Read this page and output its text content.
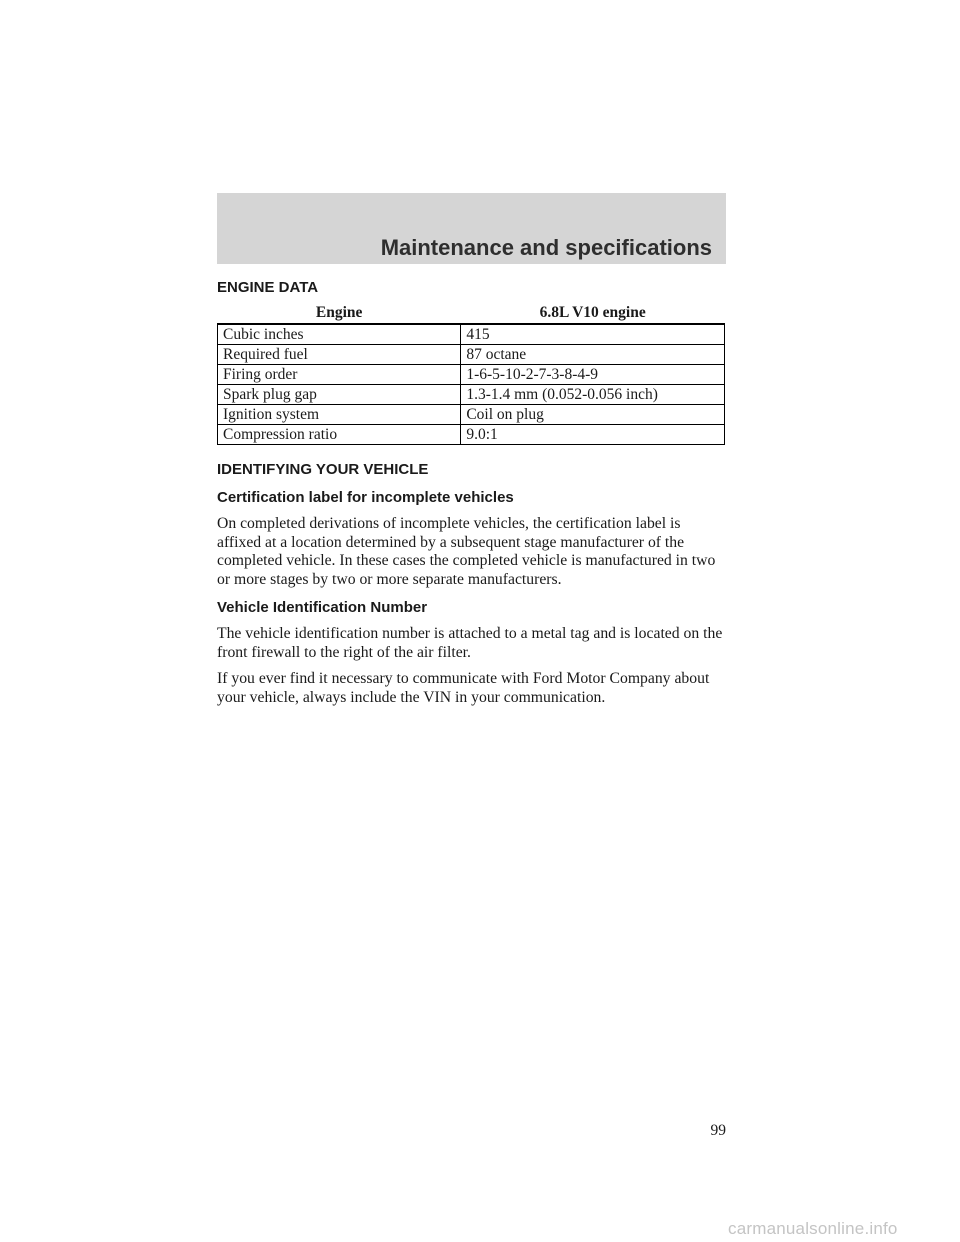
Maintenance and specifications
ENGINE DATA
Engine	6.8L V10 engine
Cubic inches	415
Required fuel	87 octane
Firing order	1-6-5-10-2-7-3-8-4-9
Spark plug gap	1.3-1.4 mm (0.052-0.056 inch)
Ignition system	Coil on plug
Compression ratio	9.0:1
IDENTIFYING YOUR VEHICLE
Certification label for incomplete vehicles

On completed derivations of incomplete vehicles, the certification label is affixed at a location determined by a subsequent stage manufacturer of the completed vehicle. In these cases the completed vehicle is manufactured in two or more stages by two or more separate manufacturers.

Vehicle Identification Number

The vehicle identification number is attached to a metal tag and is located on the front firewall to the right of the air filter.

If you ever find it necessary to communicate with Ford Motor Company about your vehicle, always include the VIN in your communication.

99
carmanualsonline.info
